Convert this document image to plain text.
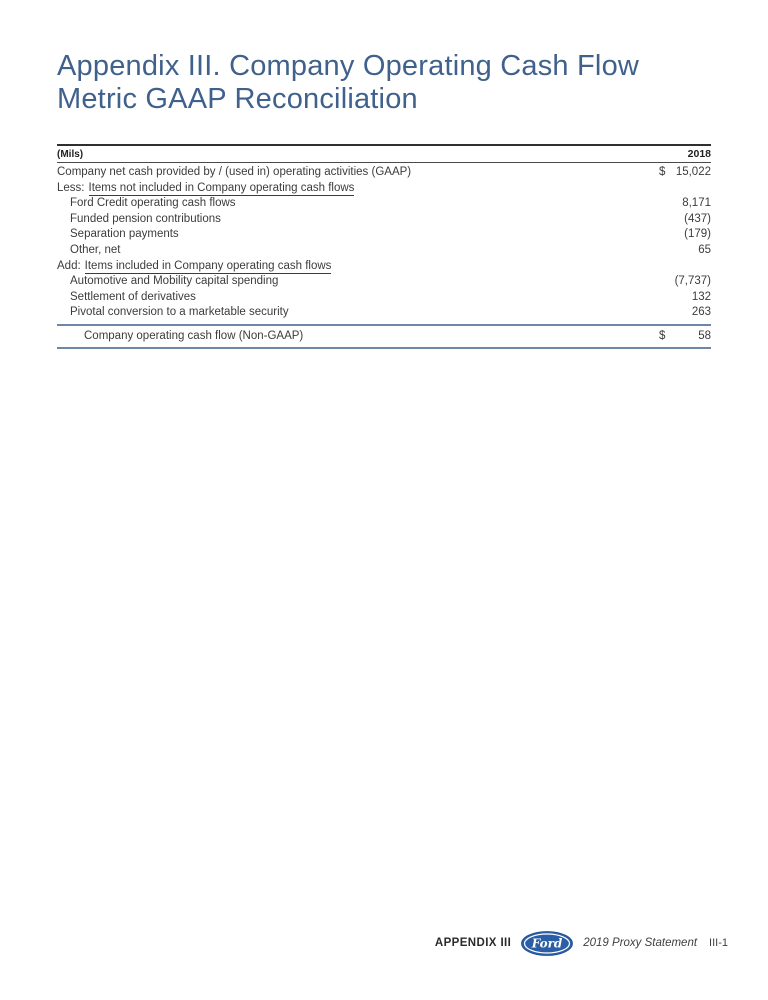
Appendix III. Company Operating Cash Flow
Metric GAAP Reconciliation
(Mils)	2018
Company net cash provided by / (used in) operating activities (GAAP)	$ 15,022
Less: Items not included in Company operating cash flows
Ford Credit operating cash flows	8,171
Funded pension contributions	(437)
Separation payments	(179)
Other, net	65
Add: Items included in Company operating cash flows
Automotive and Mobility capital spending	(7,737)
Settlement of derivatives	132
Pivotal conversion to a marketable security	263
Company operating cash flow (Non-GAAP)	$	58
APPENDIX III Ford 2019 Proxy Statement III-1
